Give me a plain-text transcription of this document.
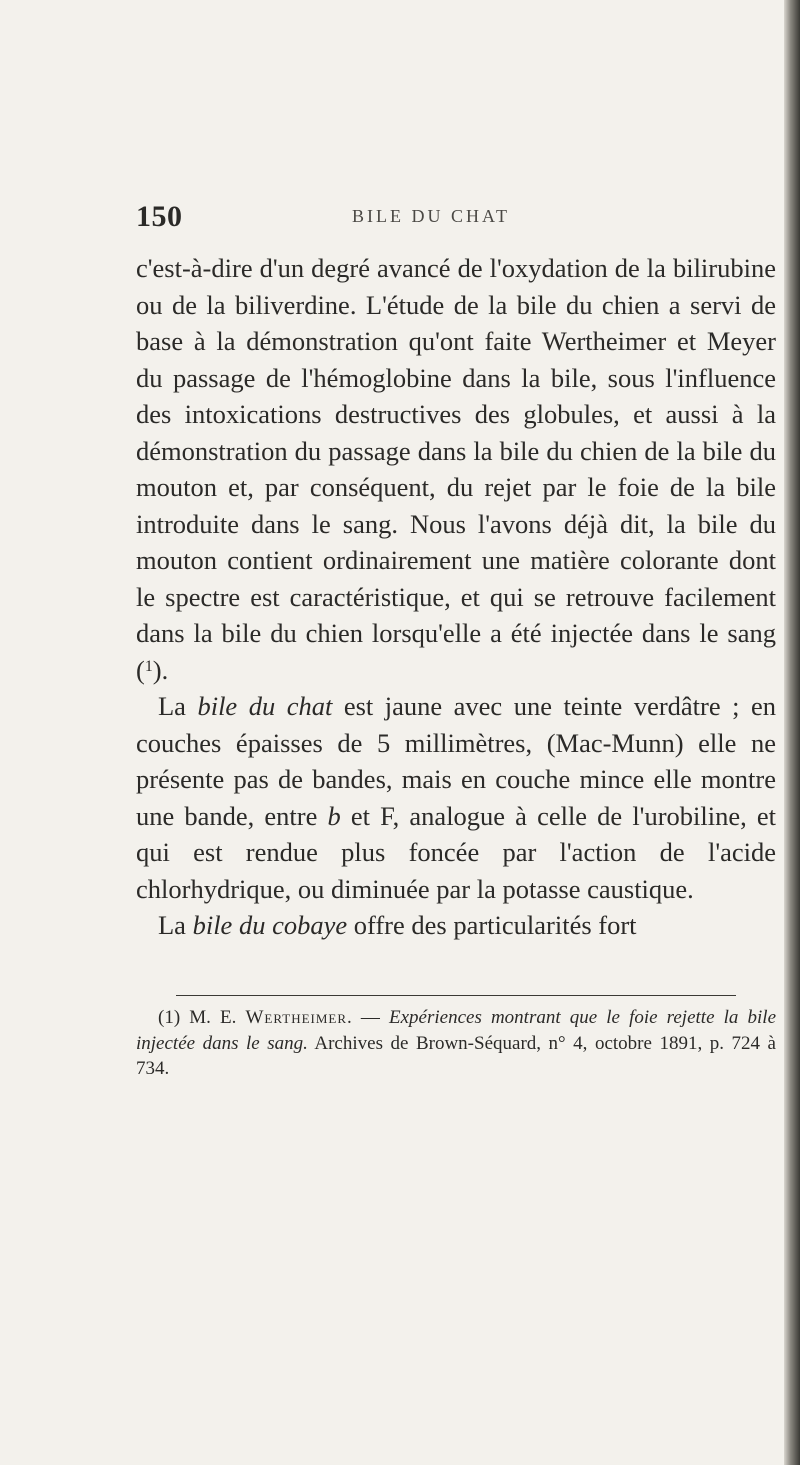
150	BILE DU CHAT

c'est-à-dire d'un degré avancé de l'oxydation de la bilirubine ou de la biliverdine. L'étude de la bile du chien a servi de base à la démonstration qu'ont faite Wertheimer et Meyer du passage de l'hémoglobine dans la bile, sous l'influence des intoxications destructives des globules, et aussi à la démonstration du passage dans la bile du chien de la bile du mouton et, par conséquent, du rejet par le foie de la bile introduite dans le sang. Nous l'avons déjà dit, la bile du mouton contient ordinairement une matière colorante dont le spectre est caractéristique, et qui se retrouve facilement dans la bile du chien lorsqu'elle a été injectée dans le sang ($^1$).

La bile du chat est jaune avec une teinte verdâtre ; en couches épaisses de 5 millimètres, (Mac-Munn) elle ne présente pas de bandes, mais en couche mince elle montre une bande, entre b et F, analogue à celle de l'urobiline, et qui est rendue plus foncée par l'action de l'acide chlorhydrique, ou diminuée par la potasse caustique.

La bile du cobaye offre des particularités fort

(1) M. E. Wertheimer. — Expériences montrant que le foie rejette la bile injectée dans le sang. Archives de Brown-Séquard, n° 4, octobre 1891, p. 724 à 734.
